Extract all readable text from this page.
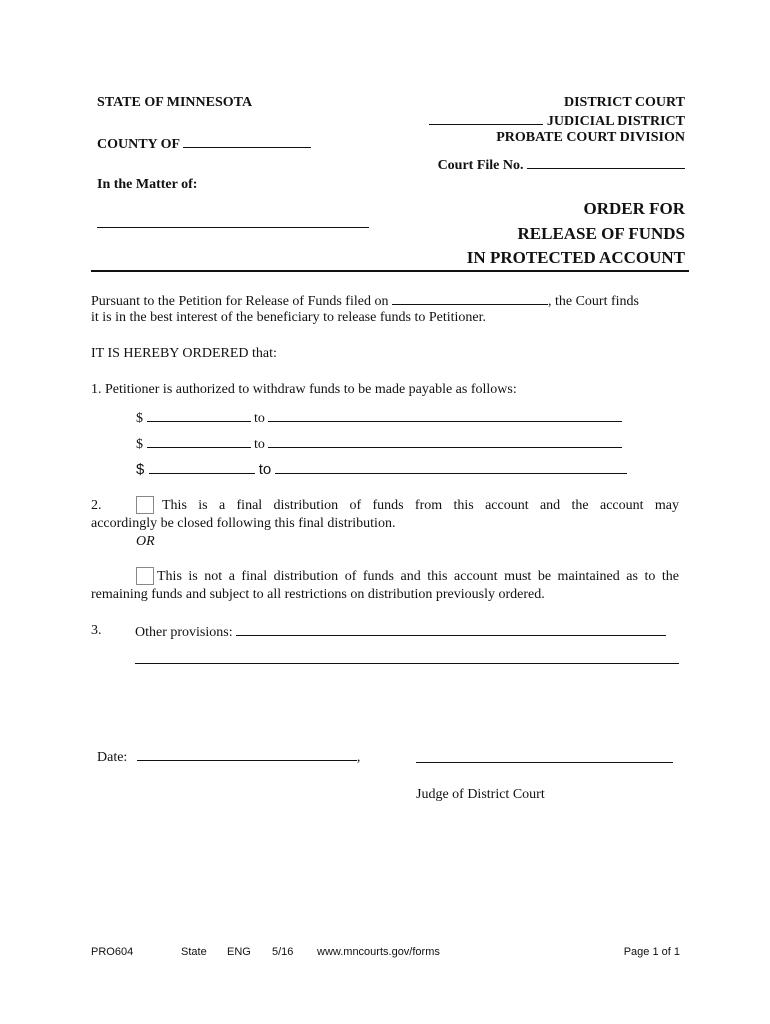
STATE OF MINNESOTA
COUNTY OF
In the Matter of:
DISTRICT COURT
JUDICIAL DISTRICT
PROBATE COURT DIVISION
Court File No.
ORDER FOR
RELEASE OF FUNDS
IN PROTECTED ACCOUNT
Pursuant to the Petition for Release of Funds filed on	, the Court finds
it is in the best interest of the beneficiary to release funds to Petitioner.
IT IS HEREBY ORDERED that:
1. Petitioner is authorized to withdraw funds to be made payable as follows:
$	to
$	to
$	to
2.	This is a final distribution of funds from this account and the account may
accordingly be closed following this final distribution.
OR
This is not a final distribution of funds and this account must be maintained as to the
remaining funds and subject to all restrictions on distribution previously ordered.
3. Other provisions:
Date:	,
Judge of District Court
PRO604	State ENG 5/16 www.mncourts.gov/forms	Page 1 of 1
